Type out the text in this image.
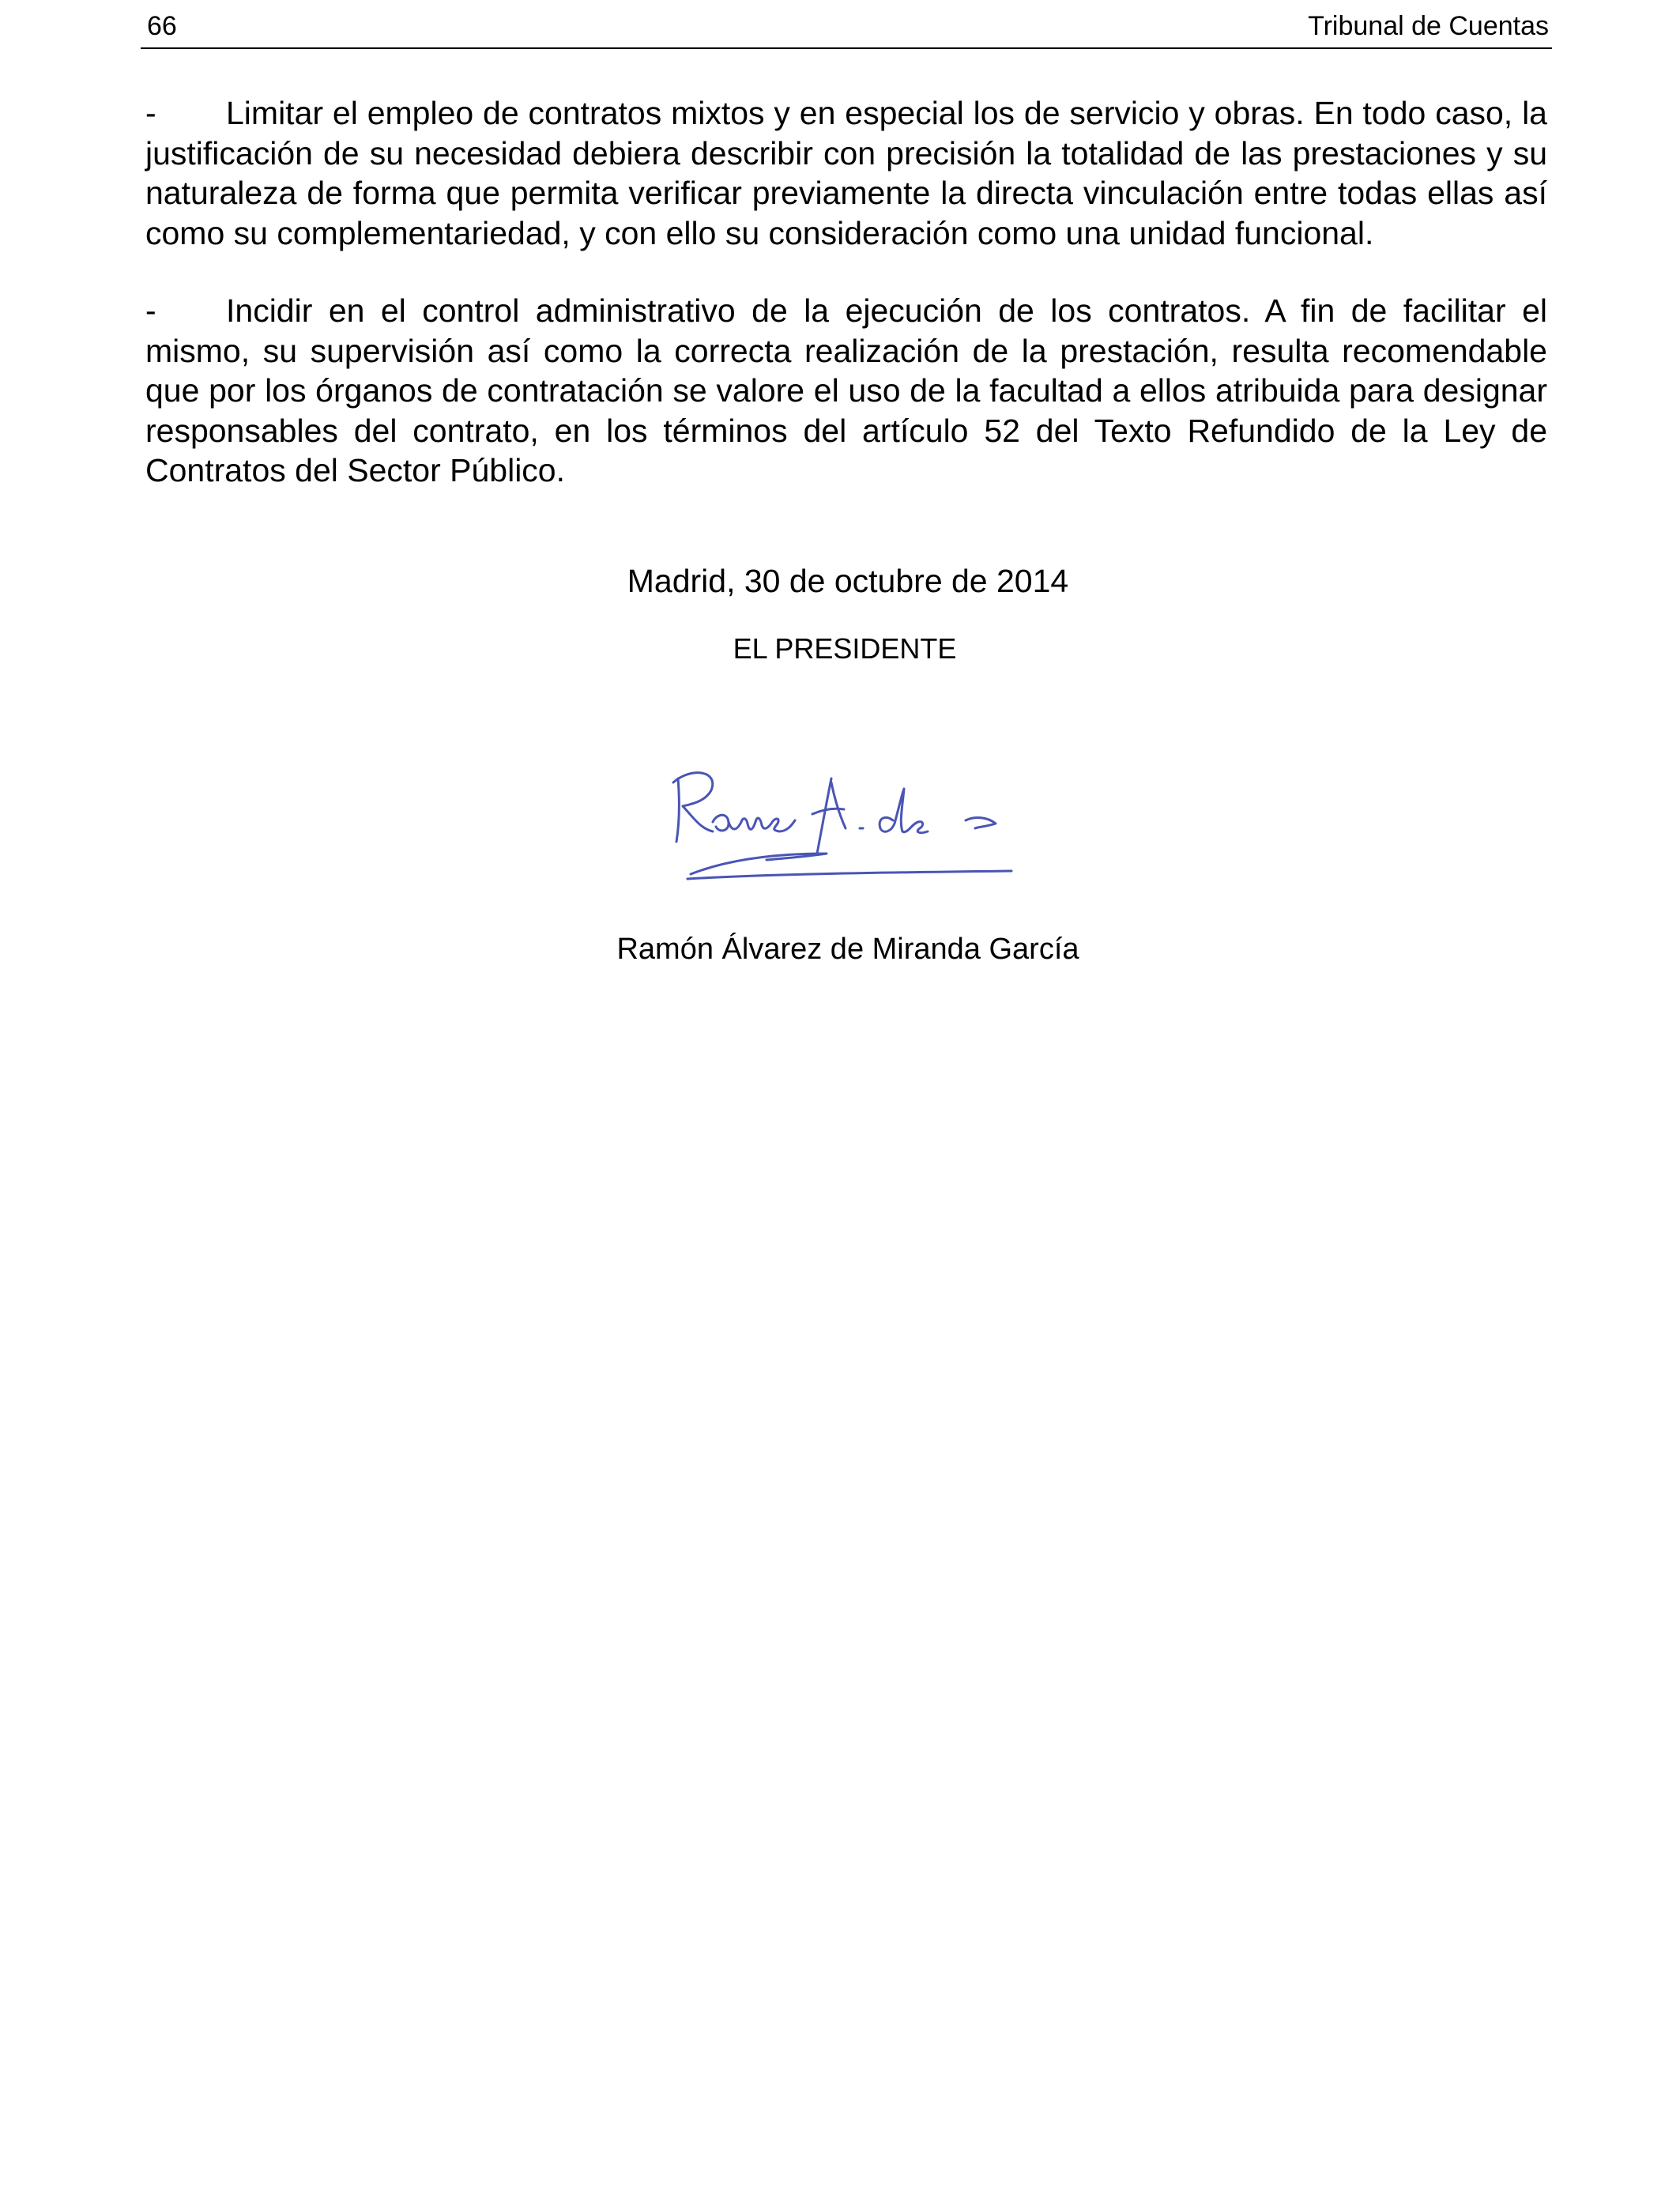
66	Tribunal de Cuentas

- Limitar el empleo de contratos mixtos y en especial los de servicio y obras. En todo caso, la justificación de su necesidad debiera describir con precisión la totalidad de las prestaciones y su naturaleza de forma que permita verificar previamente la directa vinculación entre todas ellas así como su complementariedad, y con ello su consideración como una unidad funcional.

- Incidir en el control administrativo de la ejecución de los contratos. A fin de facilitar el mismo, su supervisión así como la correcta realización de la prestación, resulta recomendable que por los órganos de contratación se valore el uso de la facultad a ellos atribuida para designar responsables del contrato, en los términos del artículo 52 del Texto Refundido de la Ley de Contratos del Sector Público.

Madrid, 30 de octubre de 2014
EL PRESIDENTE
Ramón Álvarez de Miranda García
